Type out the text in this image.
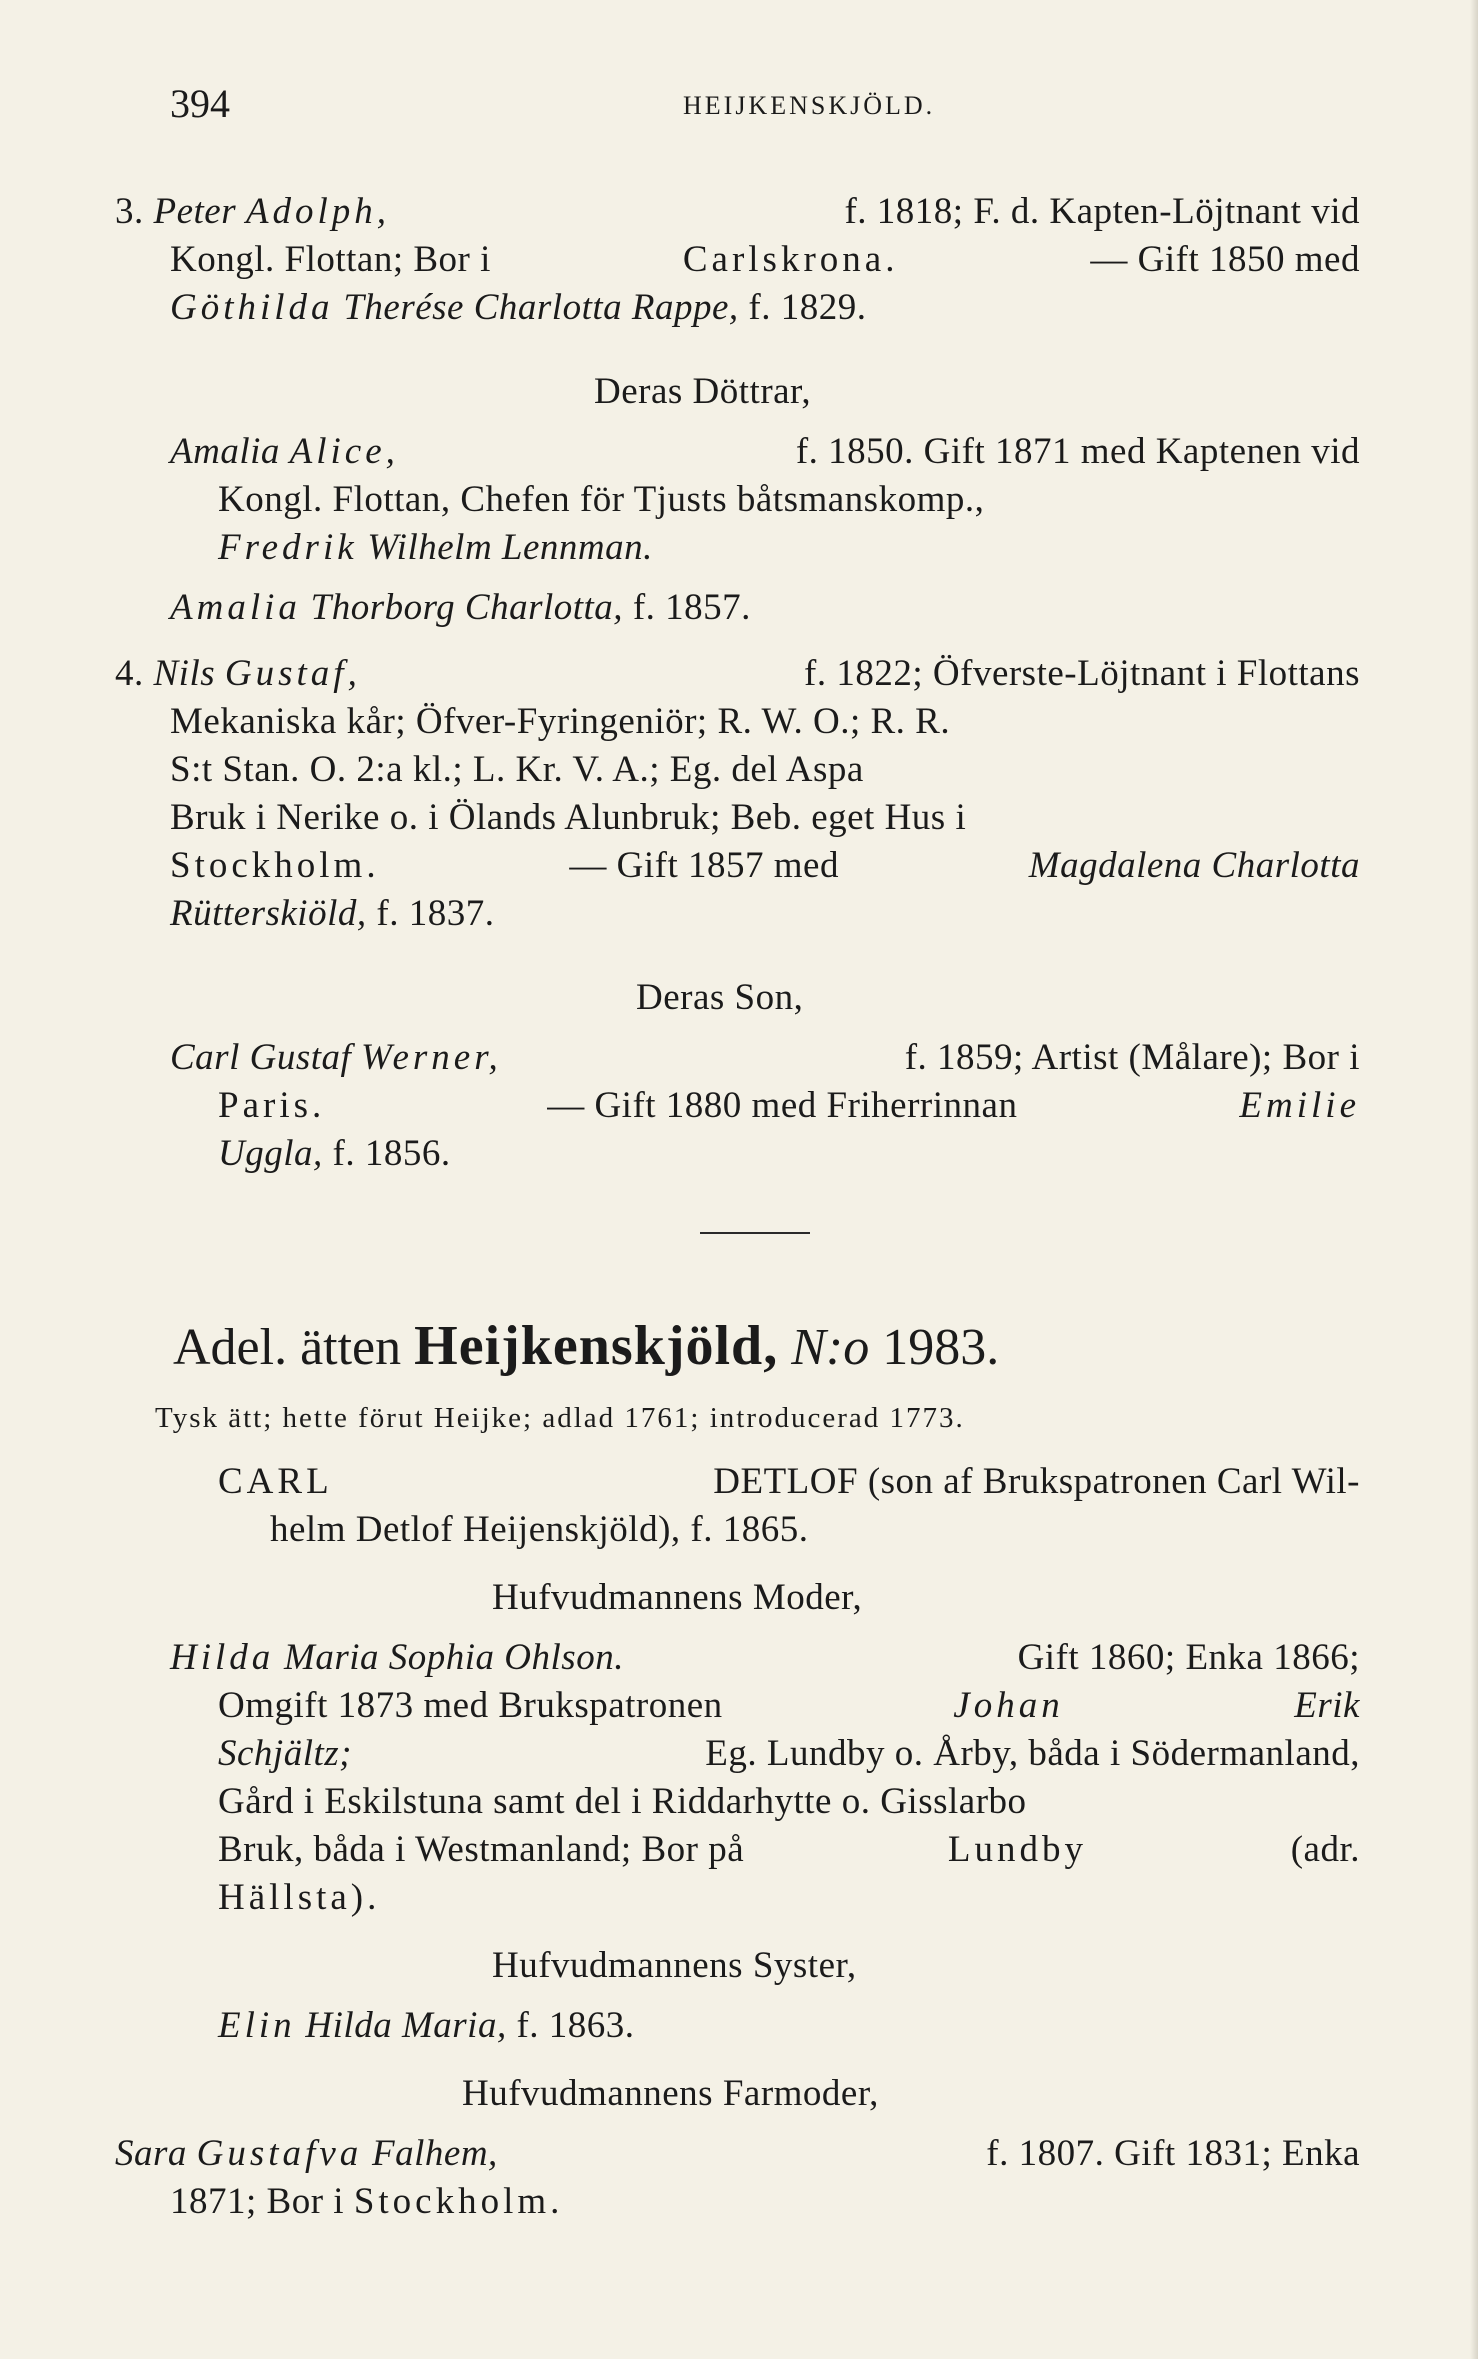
394	HEIJKENSKJÖLD.
3. Peter Adolph,	f. 1818; F. d. Kapten-Löjtnant vid
Kongl. Flottan; Bor i	Carlskrona.	— Gift 1850 med
Göthilda Therése Charlotta Rappe, f. 1829.
Deras Döttrar,
Amalia Alice,	f. 1850. Gift 1871 med Kaptenen vid
Kongl. Flottan, Chefen för Tjusts båtsmanskomp.,
Fredrik Wilhelm Lennman.
Amalia Thorborg Charlotta, f. 1857.
4. Nils Gustaf,	f. 1822; Öfverste-Löjtnant i Flottans
Mekaniska kår; Öfver-Fyringeniör; R. W. O.; R. R.
S:t Stan. O. 2:a kl.; L. Kr. V. A.; Eg. del Aspa
Bruk i Nerike o. i Ölands Alunbruk; Beb. eget Hus i
Stockholm.	— Gift 1857 med	Magdalena Charlotta
Rütterskiöld, f. 1837.
Deras Son,
Carl Gustaf Werner,	f. 1859; Artist (Målare); Bor i
Paris.	— Gift 1880 med Friherrinnan	Emilie
Uggla, f. 1856.
Adel. ätten Heijkenskjöld, N:o 1983.
Tysk ätt; hette förut Heijke; adlad 1761; introducerad 1773.
CARL	DETLOF (son af Brukspatronen Carl Wil-
helm Detlof Heijenskjöld), f. 1865.
Hufvudmannens Moder,
Hilda Maria Sophia Ohlson.	Gift 1860; Enka 1866;
Omgift 1873 med Brukspatronen	Johan	Erik
Schjältz;	Eg. Lundby o. Årby, båda i Södermanland,
Gård i Eskilstuna samt del i Riddarhytte o. Gisslarbo
Bruk, båda i Westmanland; Bor på	Lundby	(adr.
Hällsta).
Hufvudmannens Syster,
Elin Hilda Maria, f. 1863.
Hufvudmannens Farmoder,
Sara Gustafva Falhem,	f. 1807. Gift 1831; Enka
1871; Bor i Stockholm.
